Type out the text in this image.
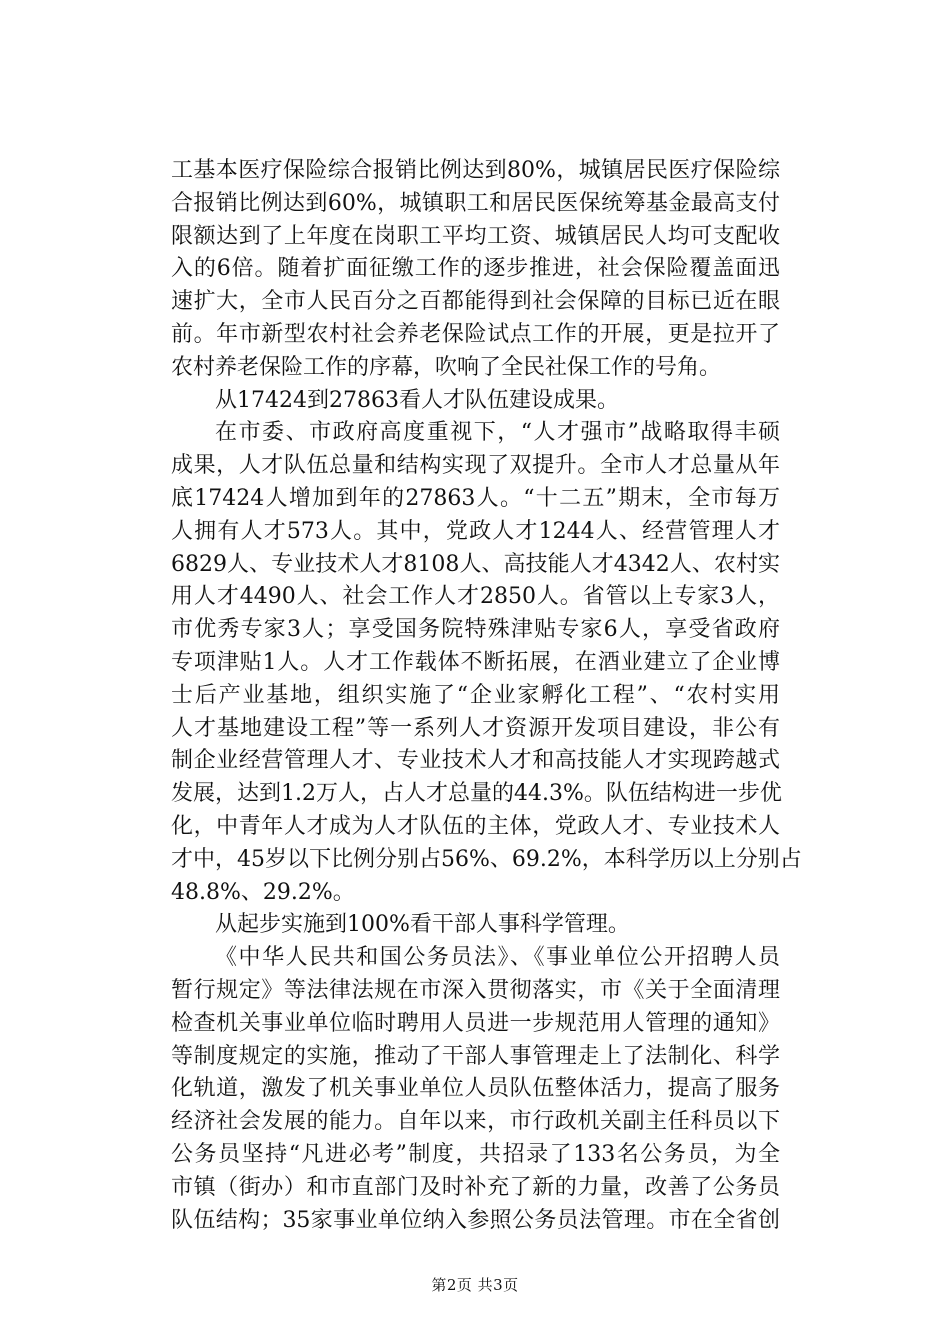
工基本医疗保险综合报销比例达到80%，城镇居民医疗保险综
合报销比例达到60%，城镇职工和居民医保统筹基金最高支付
限额达到了上年度在岗职工平均工资、城镇居民人均可支配收
入的6倍。随着扩面征缴工作的逐步推进，社会保险覆盖面迅
速扩大，全市人民百分之百都能得到社会保障的目标已近在眼
前。年市新型农村社会养老保险试点工作的开展，更是拉开了
农村养老保险工作的序幕，吹响了全民社保工作的号角。
从17424到27863看人才队伍建设成果。
在市委、市政府高度重视下，“人才强市”战略取得丰硕
成果，人才队伍总量和结构实现了双提升。全市人才总量从年
底17424人增加到年的27863人。“十二五”期末，全市每万
人拥有人才573人。其中，党政人才1244人、经营管理人才
6829人、专业技术人才8108人、高技能人才4342人、农村实
用人才4490人、社会工作人才2850人。省管以上专家3人，
市优秀专家3人；享受国务院特殊津贴专家6人，享受省政府
专项津贴1人。人才工作载体不断拓展，在酒业建立了企业博
士后产业基地，组织实施了“企业家孵化工程”、“农村实用
人才基地建设工程”等一系列人才资源开发项目建设，非公有
制企业经营管理人才、专业技术人才和高技能人才实现跨越式
发展，达到1.2万人，占人才总量的44.3%。队伍结构进一步优
化，中青年人才成为人才队伍的主体，党政人才、专业技术人
才中，45岁以下比例分别占56%、69.2%，本科学历以上分别占
48.8%、29.2%。
从起步实施到100%看干部人事科学管理。
《中华人民共和国公务员法》、《事业单位公开招聘人员
暂行规定》等法律法规在市深入贯彻落实，市《关于全面清理
检查机关事业单位临时聘用人员进一步规范用人管理的通知》
等制度规定的实施，推动了干部人事管理走上了法制化、科学
化轨道，激发了机关事业单位人员队伍整体活力，提高了服务
经济社会发展的能力。自年以来，市行政机关副主任科员以下
公务员坚持“凡进必考”制度，共招录了133名公务员，为全
市镇（街办）和市直部门及时补充了新的力量，改善了公务员
队伍结构；35家事业单位纳入参照公务员法管理。市在全省创
第2页 共3页
